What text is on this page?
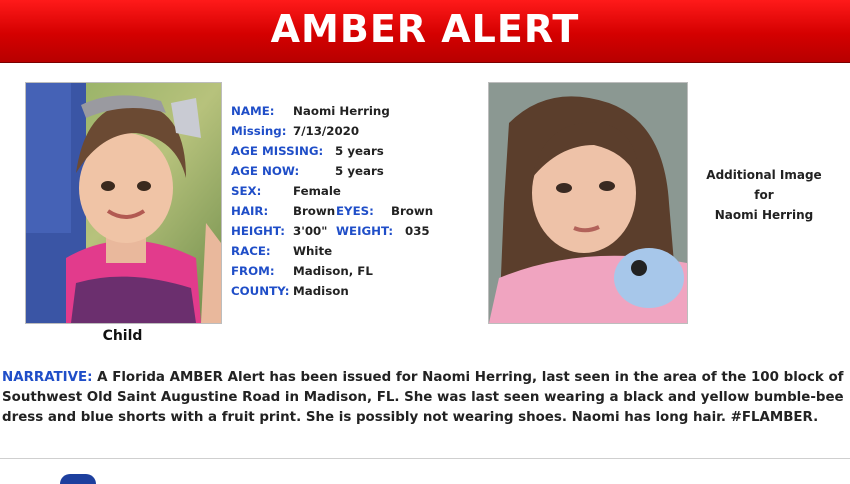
AMBER ALERT
Child
NAME: Naomi Herring
Missing: 7/13/2020
AGE MISSING: 5 years
AGE NOW:	5 years
SEX:	Female
HAIR: Brown EYES: Brown
HEIGHT: 3'00" WEIGHT: 035
RACE: White
FROM: Madison, FL
COUNTY: Madison
Additional Image
for
Naomi Herring
NARRATIVE: A Florida AMBER Alert has been issued for Naomi Herring, last seen in the area of the 100 block of Southwest Old Saint Augustine Road in Madison, FL. She was last seen wearing a black and yellow bumble-bee dress and blue shorts with a fruit print. She is possibly not wearing shoes. Naomi has long hair. #FLAMBER.
